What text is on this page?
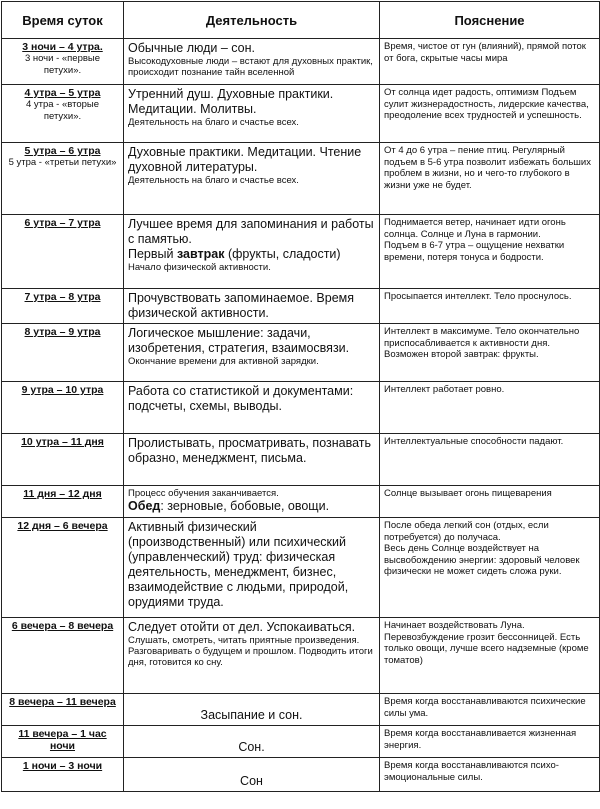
Время суток	Деятельность	Пояснение

3 ночи – 4 утра.
3 ночи - «первые петухи».	Обычные люди – сон.
Высокодуховные люди – встают для духовных практик, происходит познание тайн вселенной	Время, чистое от гун (влияний), прямой поток от бога, скрытые часы мира

4 утра – 5 утра
4 утра - «вторые петухи».	Утренний душ. Духовные практики. Медитации. Молитвы.
Деятельность на благо и счастье всех.	От солнца идет радость, оптимизм Подъем сулит жизнерадостность, лидерские качества, преодоление всех трудностей и успешность.

5 утра – 6 утра
5 утра - «третьи петухи»	Духовные практики. Медитации. Чтение духовной литературы.
Деятельность на благо и счастье всех.	От 4 до 6 утра – пение птиц. Регулярный подъем в 5-6 утра позволит избежать больших проблем в жизни, но и чего-то глубокого в жизни уже не будет.

6 утра – 7 утра	Лучшее время для запоминания и работы с памятью.
Первый завтрак (фрукты, сладости)
Начало физической активности.	Поднимается ветер, начинает идти огонь солнца. Солнце и Луна в гармонии.
Подъем в 6-7 утра – ощущение нехватки времени, потеря тонуса и бодрости.

7 утра – 8 утра	Прочувствовать запоминаемое. Время физической активности.	Просыпается интеллект. Тело проснулось.

8 утра – 9 утра	Логическое мышление: задачи, изобретения, стратегия, взаимосвязи.
Окончание времени для активной зарядки.	Интеллект в максимуме. Тело окончательно приспосабливается к активности дня. Возможен второй завтрак: фрукты.

9 утра – 10 утра	Работа со статистикой и документами: подсчеты, схемы, выводы.	Интеллект работает ровно.

10 утра – 11 дня	Пролистывать, просматривать, познавать образно, менеджмент, письма.	Интеллектуальные способности падают.

11 дня – 12 дня	Процесс обучения заканчивается.
Обед: зерновые, бобовые, овощи.	Солнце вызывает огонь пищеварения

12 дня – 6 вечера	Активный физический (производственный) или психический (управленческий) труд: физическая деятельность, менеджмент, бизнес, взаимодействие с людьми, природой, орудиями труда.	После обеда легкий сон (отдых, если потребуется) до получаса.
Весь день Солнце воздействует на высвобождению энергии: здоровый человек физически не может сидеть сложа руки.

6 вечера – 8 вечера	Следует отойти от дел. Успокаиваться.
Слушать, смотреть, читать приятные произведения. Разговаривать о будущем и прошлом. Подводить итоги дня, готовится ко сну.	Начинает воздействовать Луна. Перевозбуждение грозит бессонницей. Есть только овощи, лучше всего надземные (кроме томатов)

8 вечера – 11 вечера	Засыпание и сон.	Время когда восстанавливаются психические силы ума.

11 вечера – 1 час ночи	Сон.	Время когда восстанавливается жизненная энергия.

1 ночи – 3 ночи	Сон	Время когда восстанавливаются психо-эмоциональные силы.
